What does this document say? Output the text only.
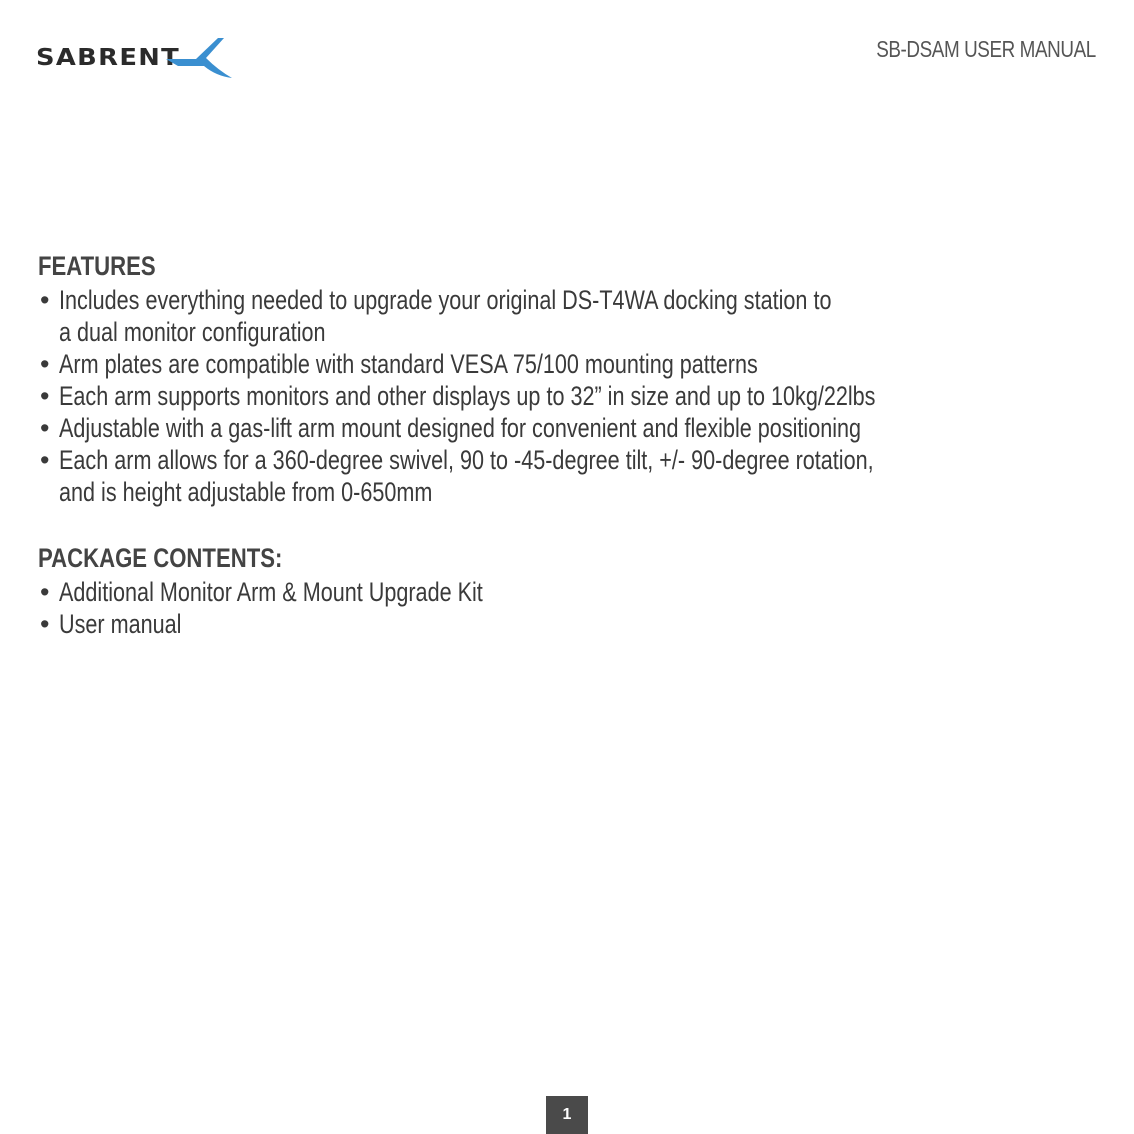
SABRENT	SB-DSAM USER MANUAL
FEATURES
• Includes everything needed to upgrade your original DS-T4WA docking station to
a dual monitor configuration
• Arm plates are compatible with standard VESA 75/100 mounting patterns
• Each arm supports monitors and other displays up to 32” in size and up to 10kg/22lbs
• Adjustable with a gas-lift arm mount designed for convenient and flexible positioning
• Each arm allows for a 360-degree swivel, 90 to -45-degree tilt, +/- 90-degree rotation,
and is height adjustable from 0-650mm
PACKAGE CONTENTS:
• Additional Monitor Arm & Mount Upgrade Kit
• User manual
1
